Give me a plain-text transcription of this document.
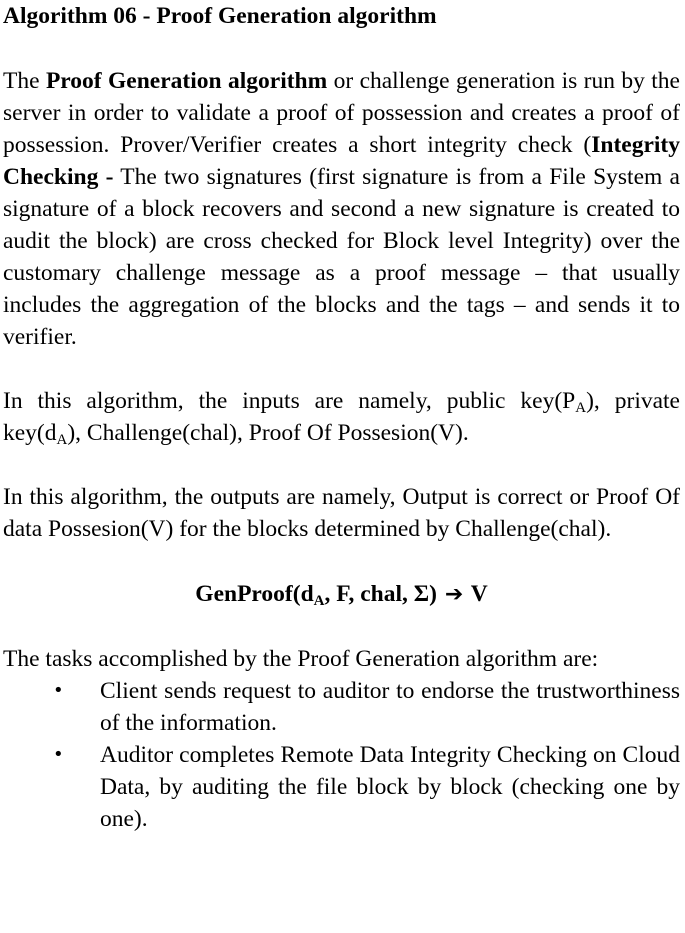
Algorithm 06 - Proof Generation algorithm

The Proof Generation algorithm or challenge generation is run by the server in order to validate a proof of possession and creates a proof of possession. Prover/Verifier creates a short integrity check (Integrity Checking - The two signatures (first signature is from a File System a signature of a block recovers and second a new signature is created to audit the block) are cross checked for Block level Integrity) over the customary challenge message as a proof message – that usually includes the aggregation of the blocks and the tags – and sends it to verifier.

In this algorithm, the inputs are namely, public $key(P_A)$, private $key(d_A)$, Challenge(chal), Proof Of Possesion(V).

In this algorithm, the outputs are namely, Output is correct or Proof Of data Possesion(V) for the blocks determined by Challenge(chal).

$GenProof(d_A$, F, chal, Σ) ➔ V

The tasks accomplished by the Proof Generation algorithm are:

• Client sends request to auditor to endorse the trustworthiness of the information.
• Auditor completes Remote Data Integrity Checking on Cloud Data, by auditing the file block by block (checking one by one).
